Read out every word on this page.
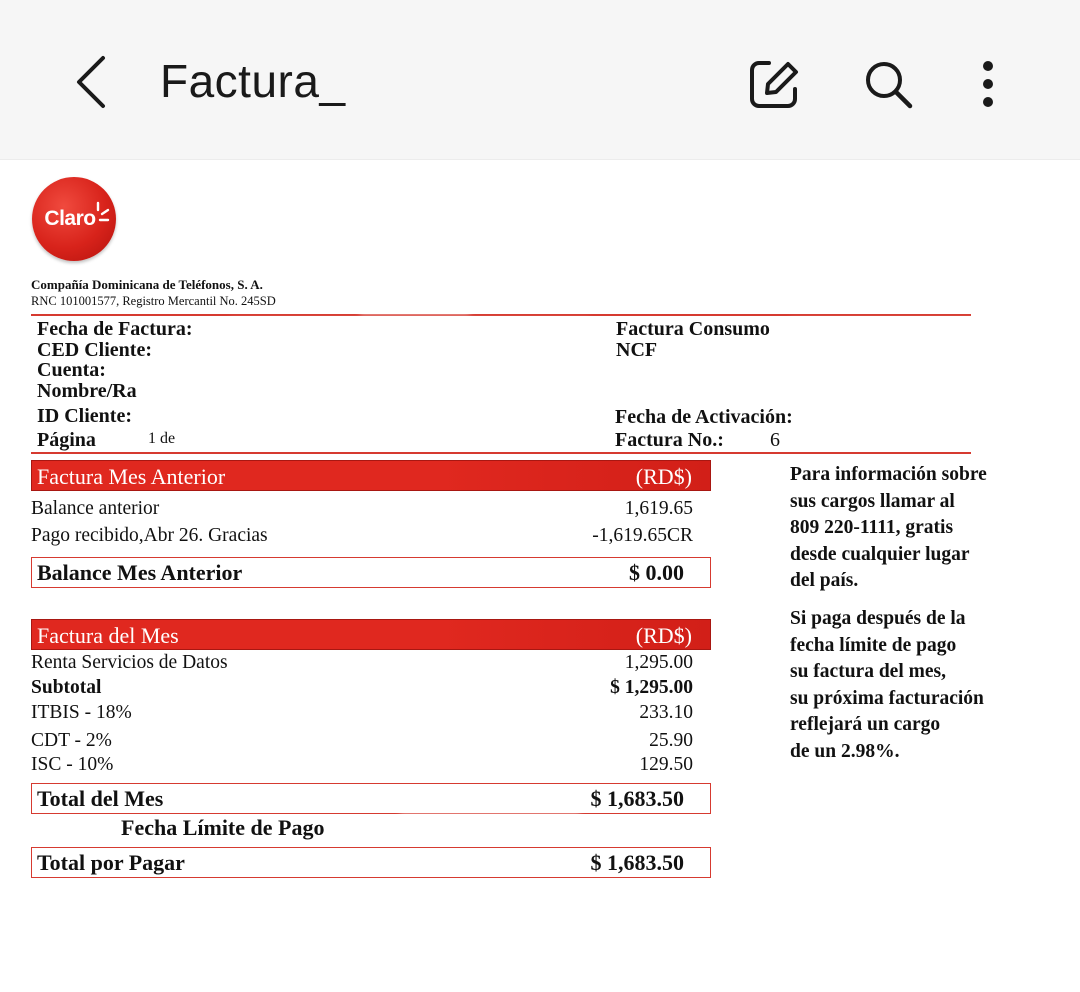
Factura_
Claro
Compañía Dominicana de Teléfonos, S. A.
RNC 101001577, Registro Mercantil No. 245SD
Fecha de Factura:
CED Cliente:
Cuenta:
Nombre/Ra
ID Cliente:
Página	1 de
Factura Consumo
NCF
Fecha de Activación:
Factura No.: 6
Factura Mes Anterior	(RD$)
Balance anterior	1,619.65
Pago recibido,Abr 26. Gracias	-1,619.65CR
Balance Mes Anterior	$ 0.00
Factura del Mes	(RD$)
Renta Servicios de Datos	1,295.00
Subtotal	$ 1,295.00
ITBIS - 18%	233.10
CDT - 2%	25.90
ISC - 10%	129.50
Total del Mes	$ 1,683.50
Fecha Límite de Pago
Total por Pagar	$ 1,683.50
Para información sobre
sus cargos llamar al
809 220-1111, gratis
desde cualquier lugar
del país.
Si paga después de la
fecha límite de pago
su factura del mes,
su próxima facturación
reflejará un cargo
de un 2.98%.
